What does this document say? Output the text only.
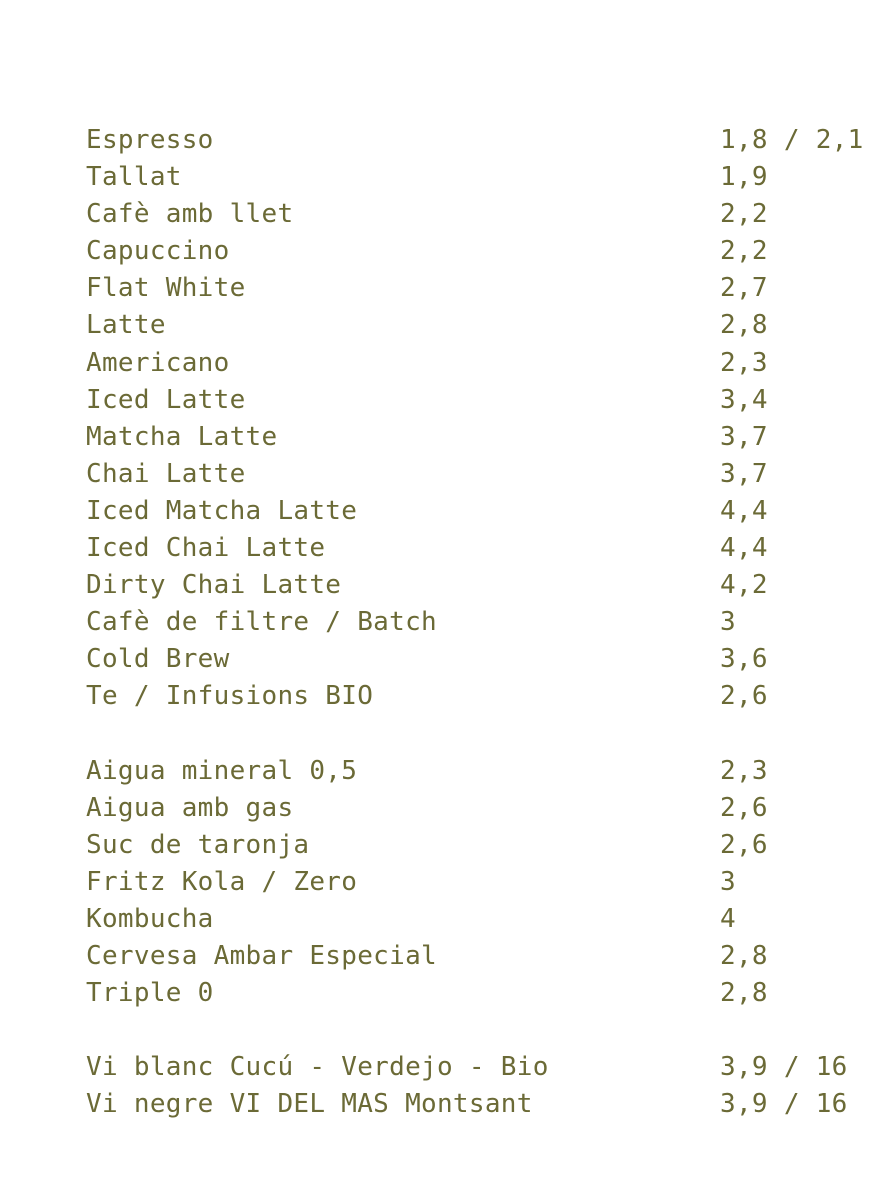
Espresso	1,8 / 2,1
Tallat	1,9
Cafè amb llet	2,2
Capuccino	2,2
Flat White	2,7
Latte	2,8
Americano	2,3
Iced Latte	3,4
Matcha Latte	3,7
Chai Latte	3,7
Iced Matcha Latte	4,4
Iced Chai Latte	4,4
Dirty Chai Latte	4,2
Cafè de filtre / Batch	3
Cold Brew	3,6
Te / Infusions BIO	2,6
Aigua mineral 0,5	2,3
Aigua amb gas	2,6
Suc de taronja	2,6
Fritz Kola / Zero	3
Kombucha	4
Cervesa Ambar Especial	2,8
Triple 0	2,8
Vi blanc Cucú - Verdejo - Bio	3,9 / 16
Vi negre VI DEL MAS Montsant	3,9 / 16
